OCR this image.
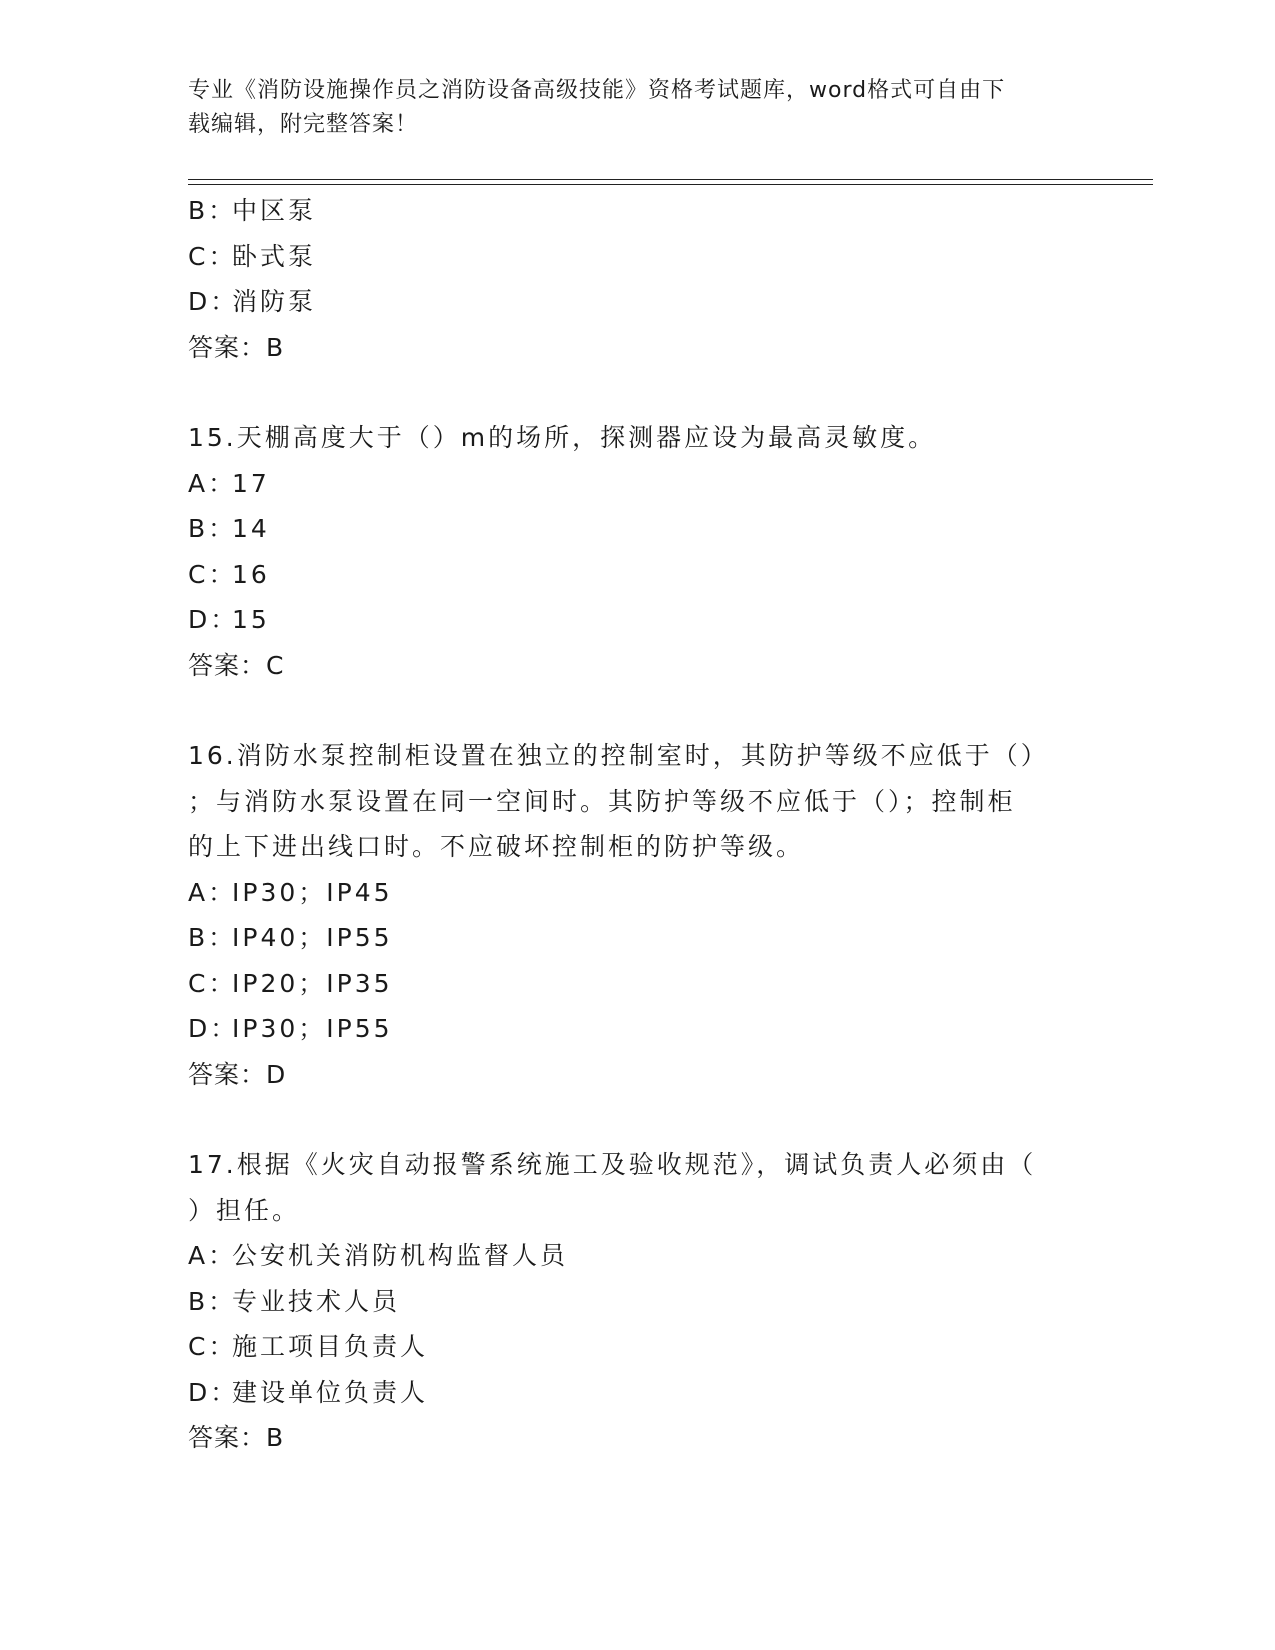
专业《消防设施操作员之消防设备高级技能》资格考试题库，word格式可自由下
载编辑，附完整答案！
B：中区泵
C：卧式泵
D：消防泵
答案：B
15.天棚高度大于（）m的场所，探测器应设为最高灵敏度。
A：17
B：14
C：16
D：15
答案：C
16.消防水泵控制柜设置在独立的控制室时，其防护等级不应低于（）
；与消防水泵设置在同一空间时。其防护等级不应低于（）；控制柜
的上下进出线口时。不应破坏控制柜的防护等级。
A：IP30；IP45
B：IP40；IP55
C：IP20；IP35
D：IP30；IP55
答案：D
17.根据《火灾自动报警系统施工及验收规范》，调试负责人必须由（
）担任。
A：公安机关消防机构监督人员
B：专业技术人员
C：施工项目负责人
D：建设单位负责人
答案：B
